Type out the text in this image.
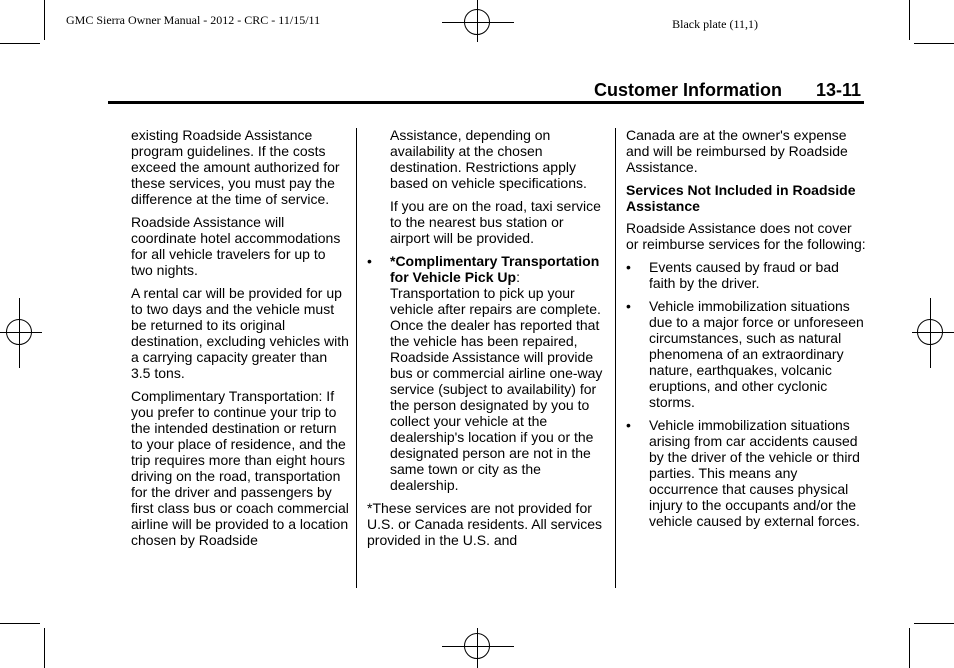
GMC Sierra Owner Manual - 2012 - CRC - 11/15/11	Black plate (11,1)
Customer Information 13-11

existing Roadside Assistance program guidelines. If the costs exceed the amount authorized for these services, you must pay the difference at the time of service.

Roadside Assistance will coordinate hotel accommodations for all vehicle travelers for up to two nights.

A rental car will be provided for up to two days and the vehicle must be returned to its original destination, excluding vehicles with a carrying capacity greater than 3.5 tons.

Complimentary Transportation: If you prefer to continue your trip to the intended destination or return to your place of residence, and the trip requires more than eight hours driving on the road, transportation for the driver and passengers by first class bus or coach commercial airline will be provided to a location chosen by Roadside

Assistance, depending on availability at the chosen destination. Restrictions apply based on vehicle specifications.

If you are on the road, taxi service to the nearest bus station or airport will be provided.

• *Complimentary Transportation for Vehicle Pick Up: Transportation to pick up your vehicle after repairs are complete. Once the dealer has reported that the vehicle has been repaired, Roadside Assistance will provide bus or commercial airline one-way service (subject to availability) for the person designated by you to collect your vehicle at the dealership's location if you or the designated person are not in the same town or city as the dealership.

*These services are not provided for U.S. or Canada residents. All services provided in the U.S. and

Canada are at the owner's expense and will be reimbursed by Roadside Assistance.

Services Not Included in Roadside Assistance

Roadside Assistance does not cover or reimburse services for the following:

• Events caused by fraud or bad faith by the driver.
• Vehicle immobilization situations due to a major force or unforeseen circumstances, such as natural phenomena of an extraordinary nature, earthquakes, volcanic eruptions, and other cyclonic storms.
• Vehicle immobilization situations arising from car accidents caused by the driver of the vehicle or third parties. This means any occurrence that causes physical injury to the occupants and/or the vehicle caused by external forces.
